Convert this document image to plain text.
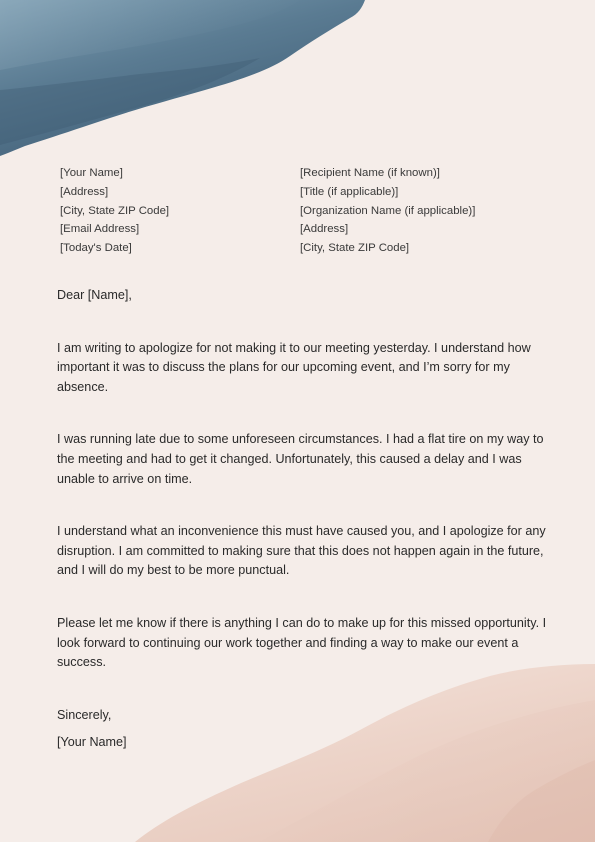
[Your Name]
[Address]
[City, State ZIP Code]
[Email Address]
[Today's Date]
[Recipient Name (if known)]
[Title (if applicable)]
[Organization Name (if applicable)]
[Address]
[City, State ZIP Code]

Dear [Name],

I am writing to apologize for not making it to our meeting yesterday. I understand how important it was to discuss the plans for our upcoming event, and I’m sorry for my absence.

I was running late due to some unforeseen circumstances. I had a flat tire on my way to the meeting and had to get it changed. Unfortunately, this caused a delay and I was unable to arrive on time.

I understand what an inconvenience this must have caused you, and I apologize for any disruption. I am committed to making sure that this does not happen again in the future, and I will do my best to be more punctual.

Please let me know if there is anything I can do to make up for this missed opportunity. I look forward to continuing our work together and finding a way to make our event a success.

Sincerely,

[Your Name]
